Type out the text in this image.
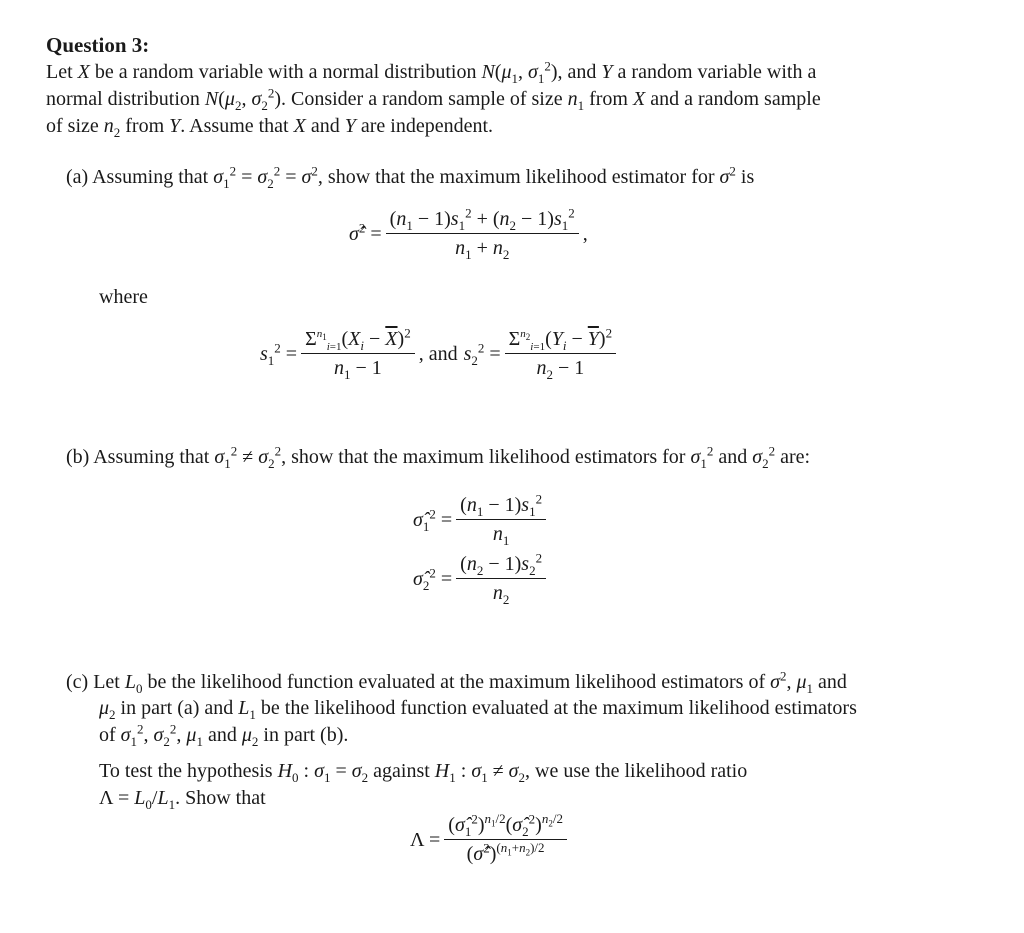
Question 3:
Let X be a random variable with a normal distribution $N(\mu_1$, $\sigma_1^2$), and Y a random variable with a
normal distribution $N(\mu_2$, $\sigma_2^2$). Consider a random sample of size $n_1$ from X and a random sample
of size $n_2$ from Y. Assume that X and Y are independent.
(a) Assuming that $\sigma_1^2 = \sigma_2^2 = \sigma^2$, show that the maximum likelihood estimator for $\sigma^2$ is
σ̂$^2$ = $\frac{(n_1 - 1)s_1^2 + (n_2 - 1)s_1^2}{n_1 + n_2}$ ,
where
$s_1^2 = \frac{\Sigma^{n_1}_{i=1}(X_i - \overline{X})^2}{n_1 - 1}$ , and $s_2^2 = \frac{\Sigma^{n_2}_{i=1}(Y_i - \overline{Y})^2}{n_2 - 1}$
(b) Assuming that $\sigma_1^2 \ne \sigma_2^2$, show that the maximum likelihood estimators for $\sigma_1^2$ and $\sigma_2^2$ are:
$\sigmâ_1^2 = \frac{(n_1 - 1)s_1^2}{n_1}$
$\sigmâ_2^2 = \frac{(n_2 - 1)s_2^2}{n_2}$
(c) Let $L_0$ be the likelihood function evaluated at the maximum likelihood estimators of $\sigma^2$, $\mu_1$ and
$\mu_2$ in part (a) and $L_1$ be the likelihood function evaluated at the maximum likelihood estimators
of $\sigma_1^2$, $\sigma_2^2$, $\mu_1$ and $\mu_2$ in part (b).
To test the hypothesis $H_0$ : $\sigma_1 = \sigma_2$ against $H_1$ : $\sigma_1 \ne \sigma_2$, we use the likelihood ratio
$\Lambda = L_0/L_1$. Show that
$\Lambda = \frac{(\sigmâ_1^2)^{n_1/2}(\sigmâ_2^2)^{n_2/2}}{(\sigmâ^2)^{(n_1+n_2)/2}}$
